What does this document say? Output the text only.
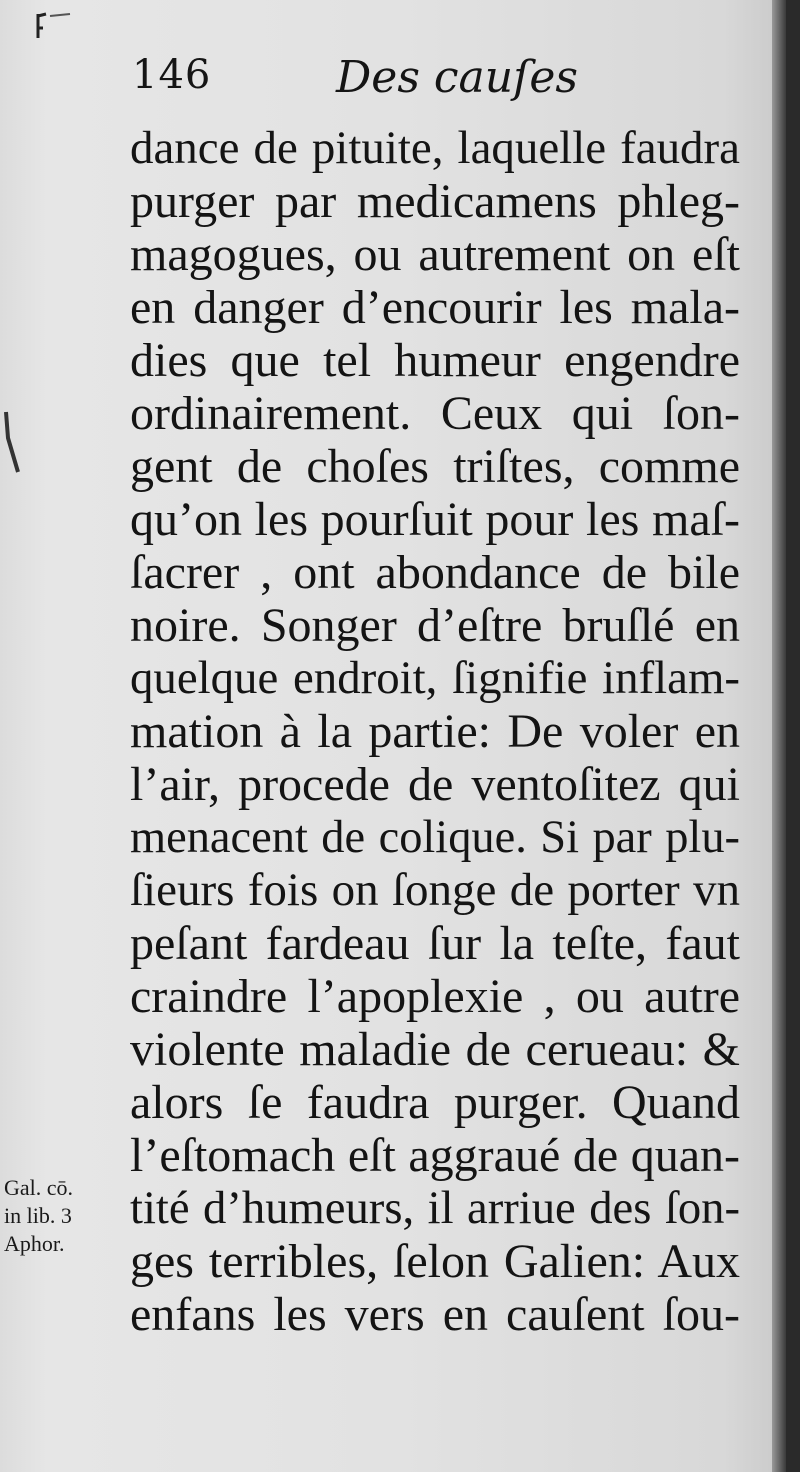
146	Des cauſes
dance de pituite, laquelle faudra
purger par medicamens phleg-
magogues, ou autrement on eſt
en danger d’encourir les mala-
dies que tel humeur engendre
ordinairement. Ceux qui ſon-
gent de choſes triſtes, comme
qu’on les pourſuit pour les maſ-
ſacrer , ont abondance de bile
noire. Songer d’eſtre bruſlé en
quelque endroit, ſignifie inflam-
mation à la partie: De voler en
l’air, procede de ventoſitez qui
menacent de colique. Si par plu-
ſieurs fois on ſonge de porter vn
peſant fardeau ſur la teſte, faut
craindre l’apoplexie , ou autre
violente maladie de cerueau: &
alors ſe faudra purger. Quand
l’eſtomach eſt aggraué de quan-
tité d’humeurs, il arriue des ſon-
ges terribles, ſelon Galien: Aux
enfans les vers en cauſent ſou-
Gal. cō.
in lib. 3
Aphor.
